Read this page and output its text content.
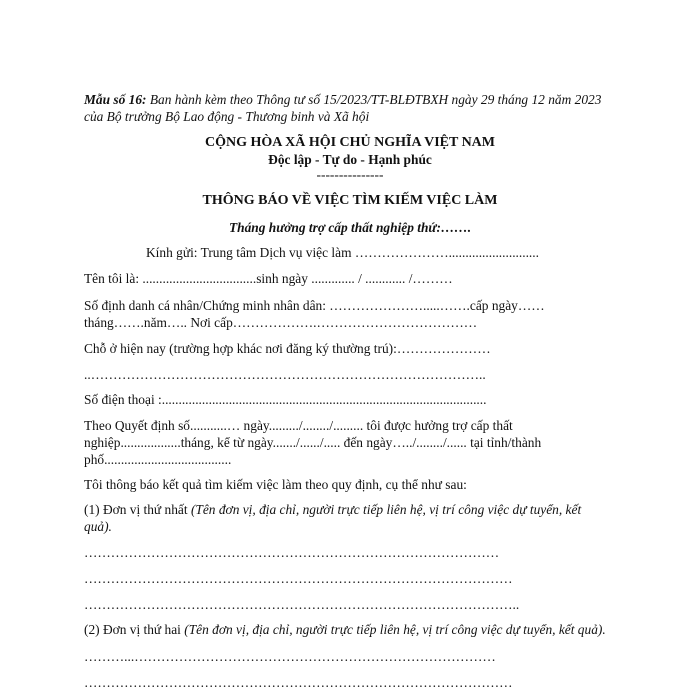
Mẫu số 16: Ban hành kèm theo Thông tư số 15/2023/TT-BLĐTBXH ngày 29 tháng 12 năm 2023
của Bộ trưởng Bộ Lao động - Thương binh và Xã hội
CỘNG HÒA XÃ HỘI CHỦ NGHĨA VIỆT NAM
Độc lập - Tự do - Hạnh phúc
---------------
THÔNG BÁO VỀ VIỆC TÌM KIẾM VIỆC LÀM
Tháng hưởng trợ cấp thất nghiệp thứ:…….
Kính gửi: Trung tâm Dịch vụ việc làm …………………...........................
Tên tôi là: ..................................sinh ngày ............. / ............ /………
Số định danh cá nhân/Chứng minh nhân dân: ………………….....…….cấp ngày……
tháng…….năm….. Nơi cấp……………….………………………………
Chỗ ở hiện nay (trường hợp khác nơi đăng ký thường trú):…………………
..……………………………………………………………………………..
Số điện thoại :.................................................................................................
Theo Quyết định số...........… ngày........./......../......... tôi được hưởng trợ cấp thất
nghiệp..................tháng, kể từ ngày......./....../..... đến ngày…../......../...... tại tỉnh/thành
phố......................................
Tôi thông báo kết quả tìm kiếm việc làm theo quy định, cụ thể như sau:
(1) Đơn vị thứ nhất (Tên đơn vị, địa chỉ, người trực tiếp liên hệ, vị trí công việc dự tuyển, kết
quả).
…………………………………………………………………………………
……………………………………………………………………………………
……………………………………………………………………………………..
(2) Đơn vị thứ hai (Tên đơn vị, địa chỉ, người trực tiếp liên hệ, vị trí công việc dự tuyển, kết quả).
………...………………………………………………………………………
……………………………………………………………………………………
